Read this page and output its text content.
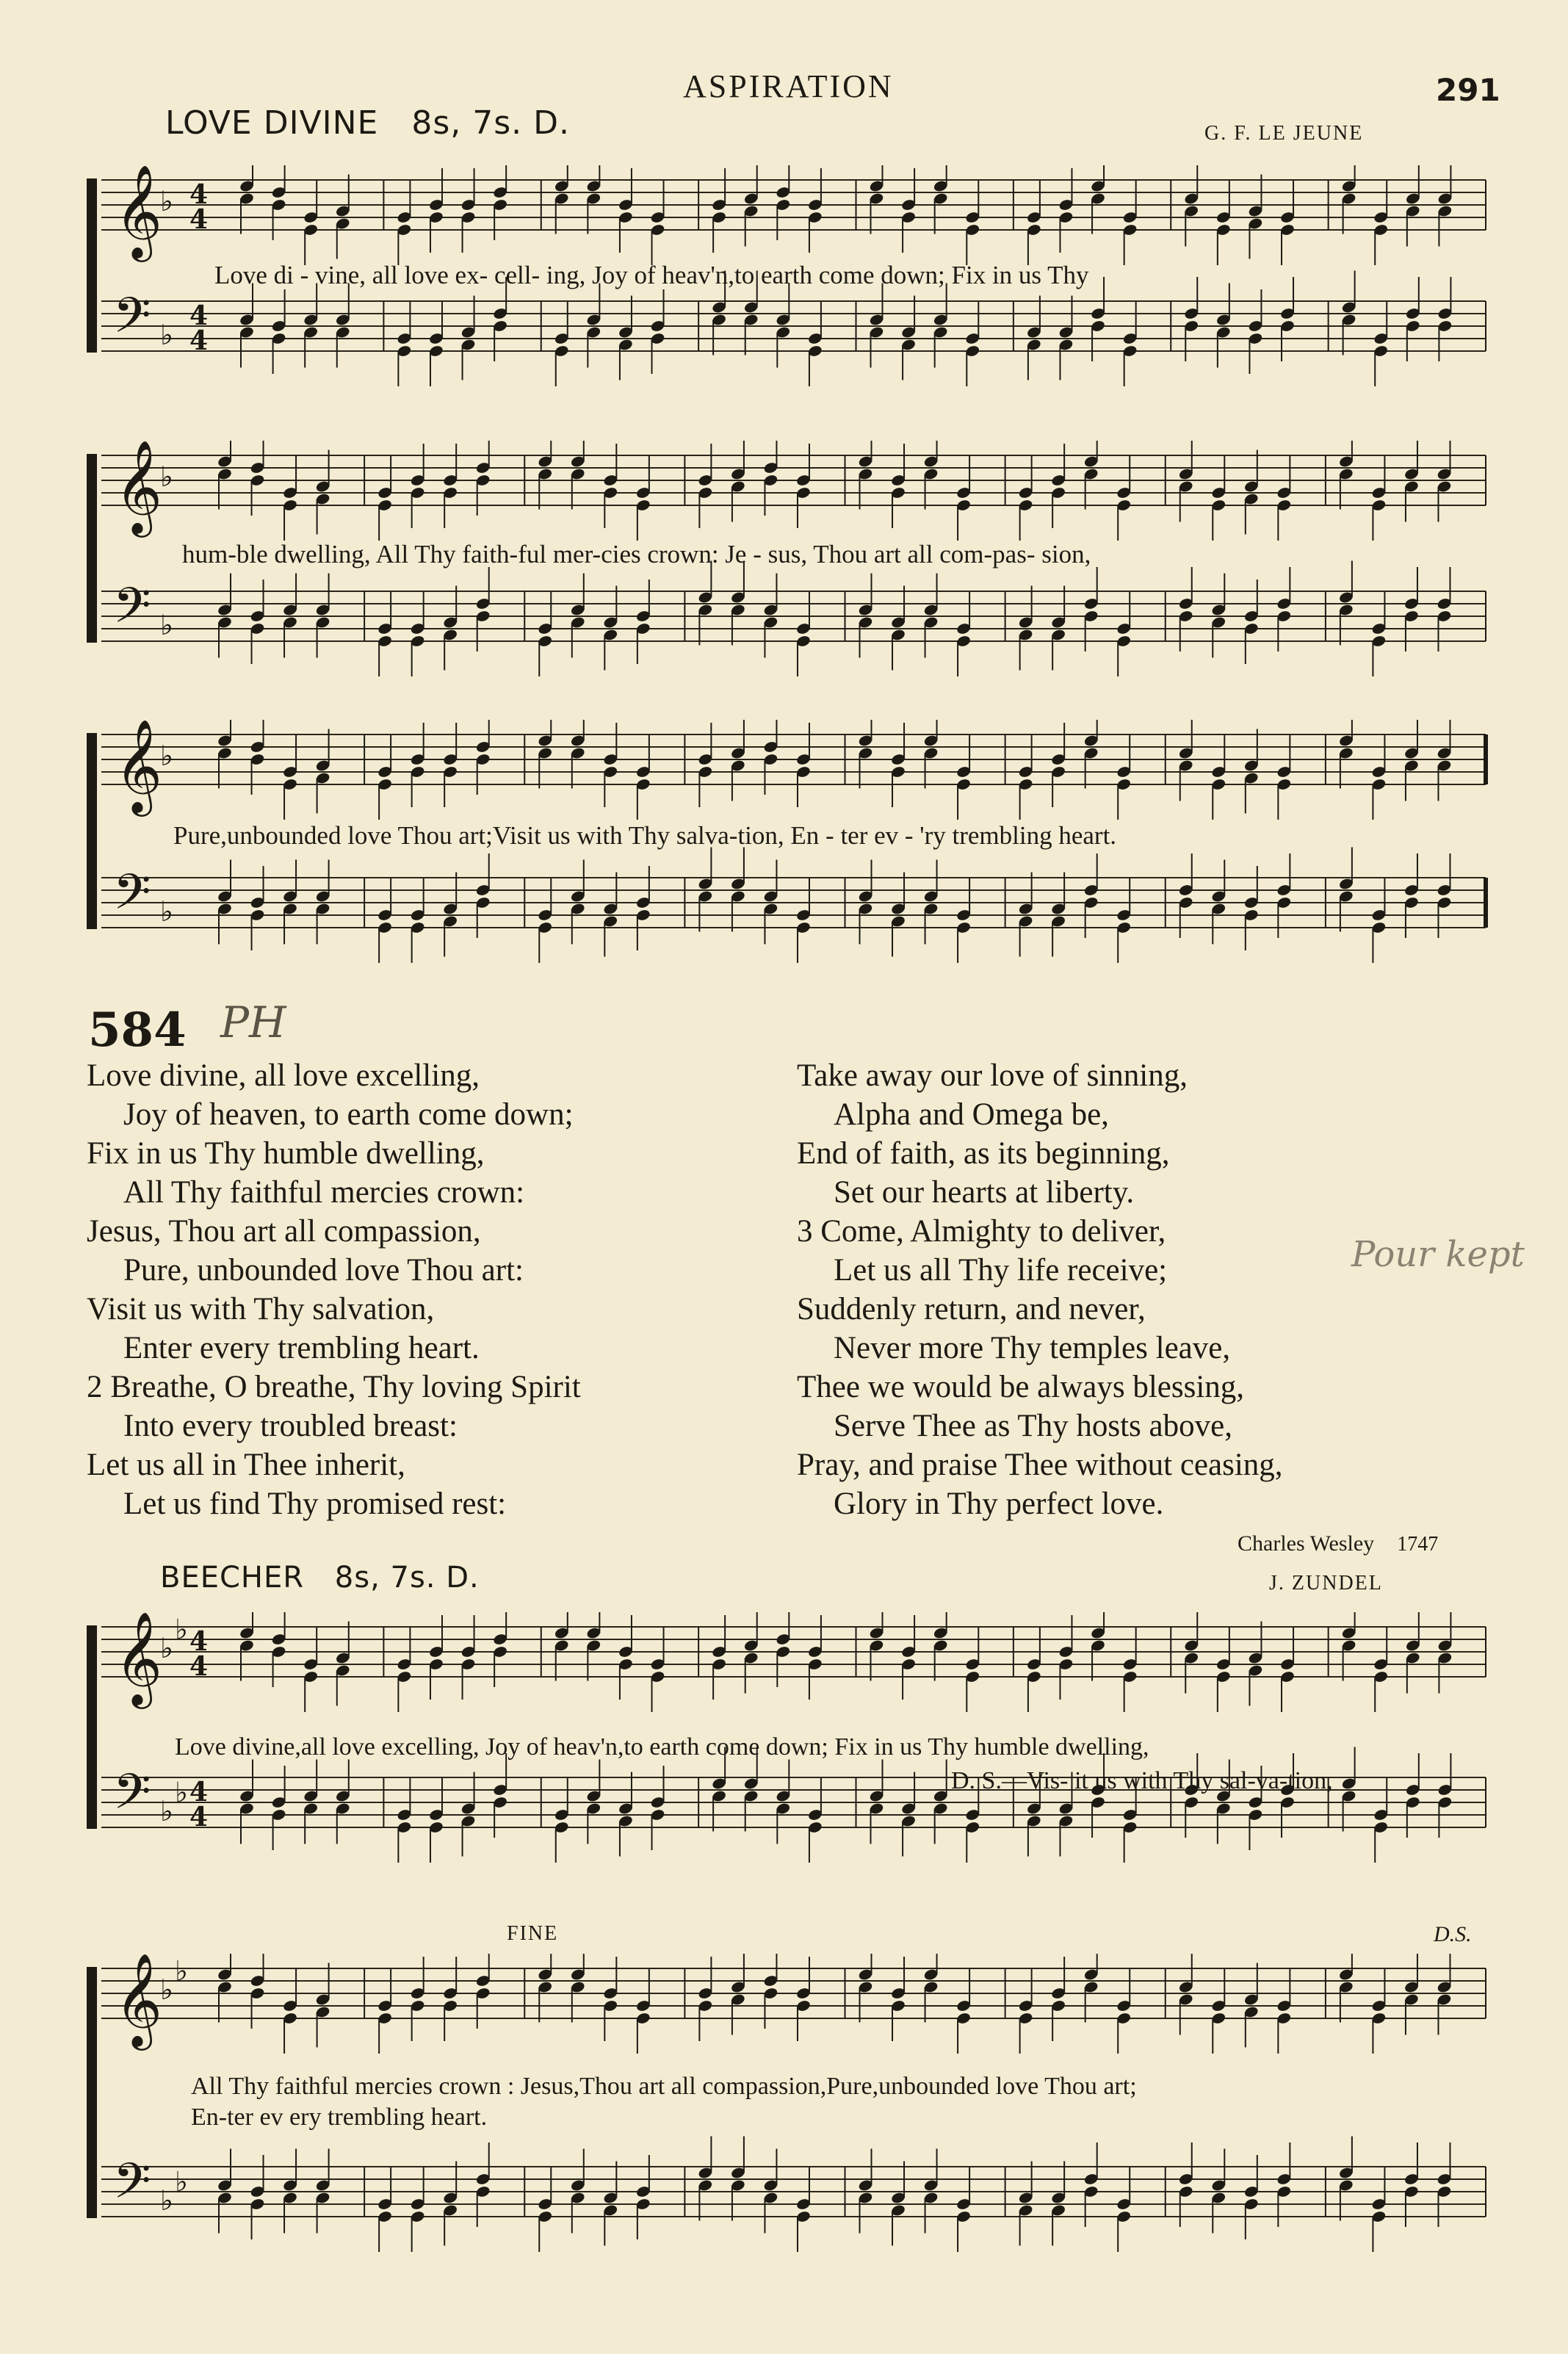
ASPIRATION	291
LOVE DIVINE 8s, 7s. D.	G. F. LE JEUNE
𝄞
𝄢
♭
♭
4
4
4
4
Love di - vine, all love ex- cell- ing, Joy of heav'n,to earth come down; Fix in us Thy
𝄞
𝄢
♭
♭
hum-ble dwelling, All Thy faith-ful mer-cies crown: Je - sus, Thou art all com-pas- sion,
𝄞
𝄢
♭
♭
Pure,unbounded love Thou art;Visit us with Thy salva-tion, En - ter ev - 'ry trembling heart.
584 PH
Pour kept
Love divine, all love excelling,
Joy of heaven, to earth come down;
Fix in us Thy humble dwelling,
All Thy faithful mercies crown:
Jesus, Thou art all compassion,
Pure, unbounded love Thou art:
Visit us with Thy salvation,
Enter every trembling heart.
2 Breathe, O breathe, Thy loving Spirit
Into every troubled breast:
Let us all in Thee inherit,
Let us find Thy promised rest:
Take away our love of sinning,
Alpha and Omega be,
End of faith, as its beginning,
Set our hearts at liberty.
3 Come, Almighty to deliver,
Let us all Thy life receive;
Suddenly return, and never,
Never more Thy temples leave,
Thee we would be always blessing,
Serve Thee as Thy hosts above,
Pray, and praise Thee without ceasing,
Glory in Thy perfect love.
Charles Wesley 1747
BEECHER 8s, 7s. D.	J. ZUNDEL
𝄞
𝄢
♭
♭
♭
♭
4
4
4
4
Love divine,all love excelling, Joy of heav'n,to earth come down; Fix in us Thy humble dwelling,
D. S.—Vis- it us with Thy sal-va-tion,
FINE	D.S.
𝄞
𝄢
♭
♭
♭
♭
All Thy faithful mercies crown : Jesus,Thou art all compassion,Pure,unbounded love Thou art;
En-ter ev ery trembling heart.
